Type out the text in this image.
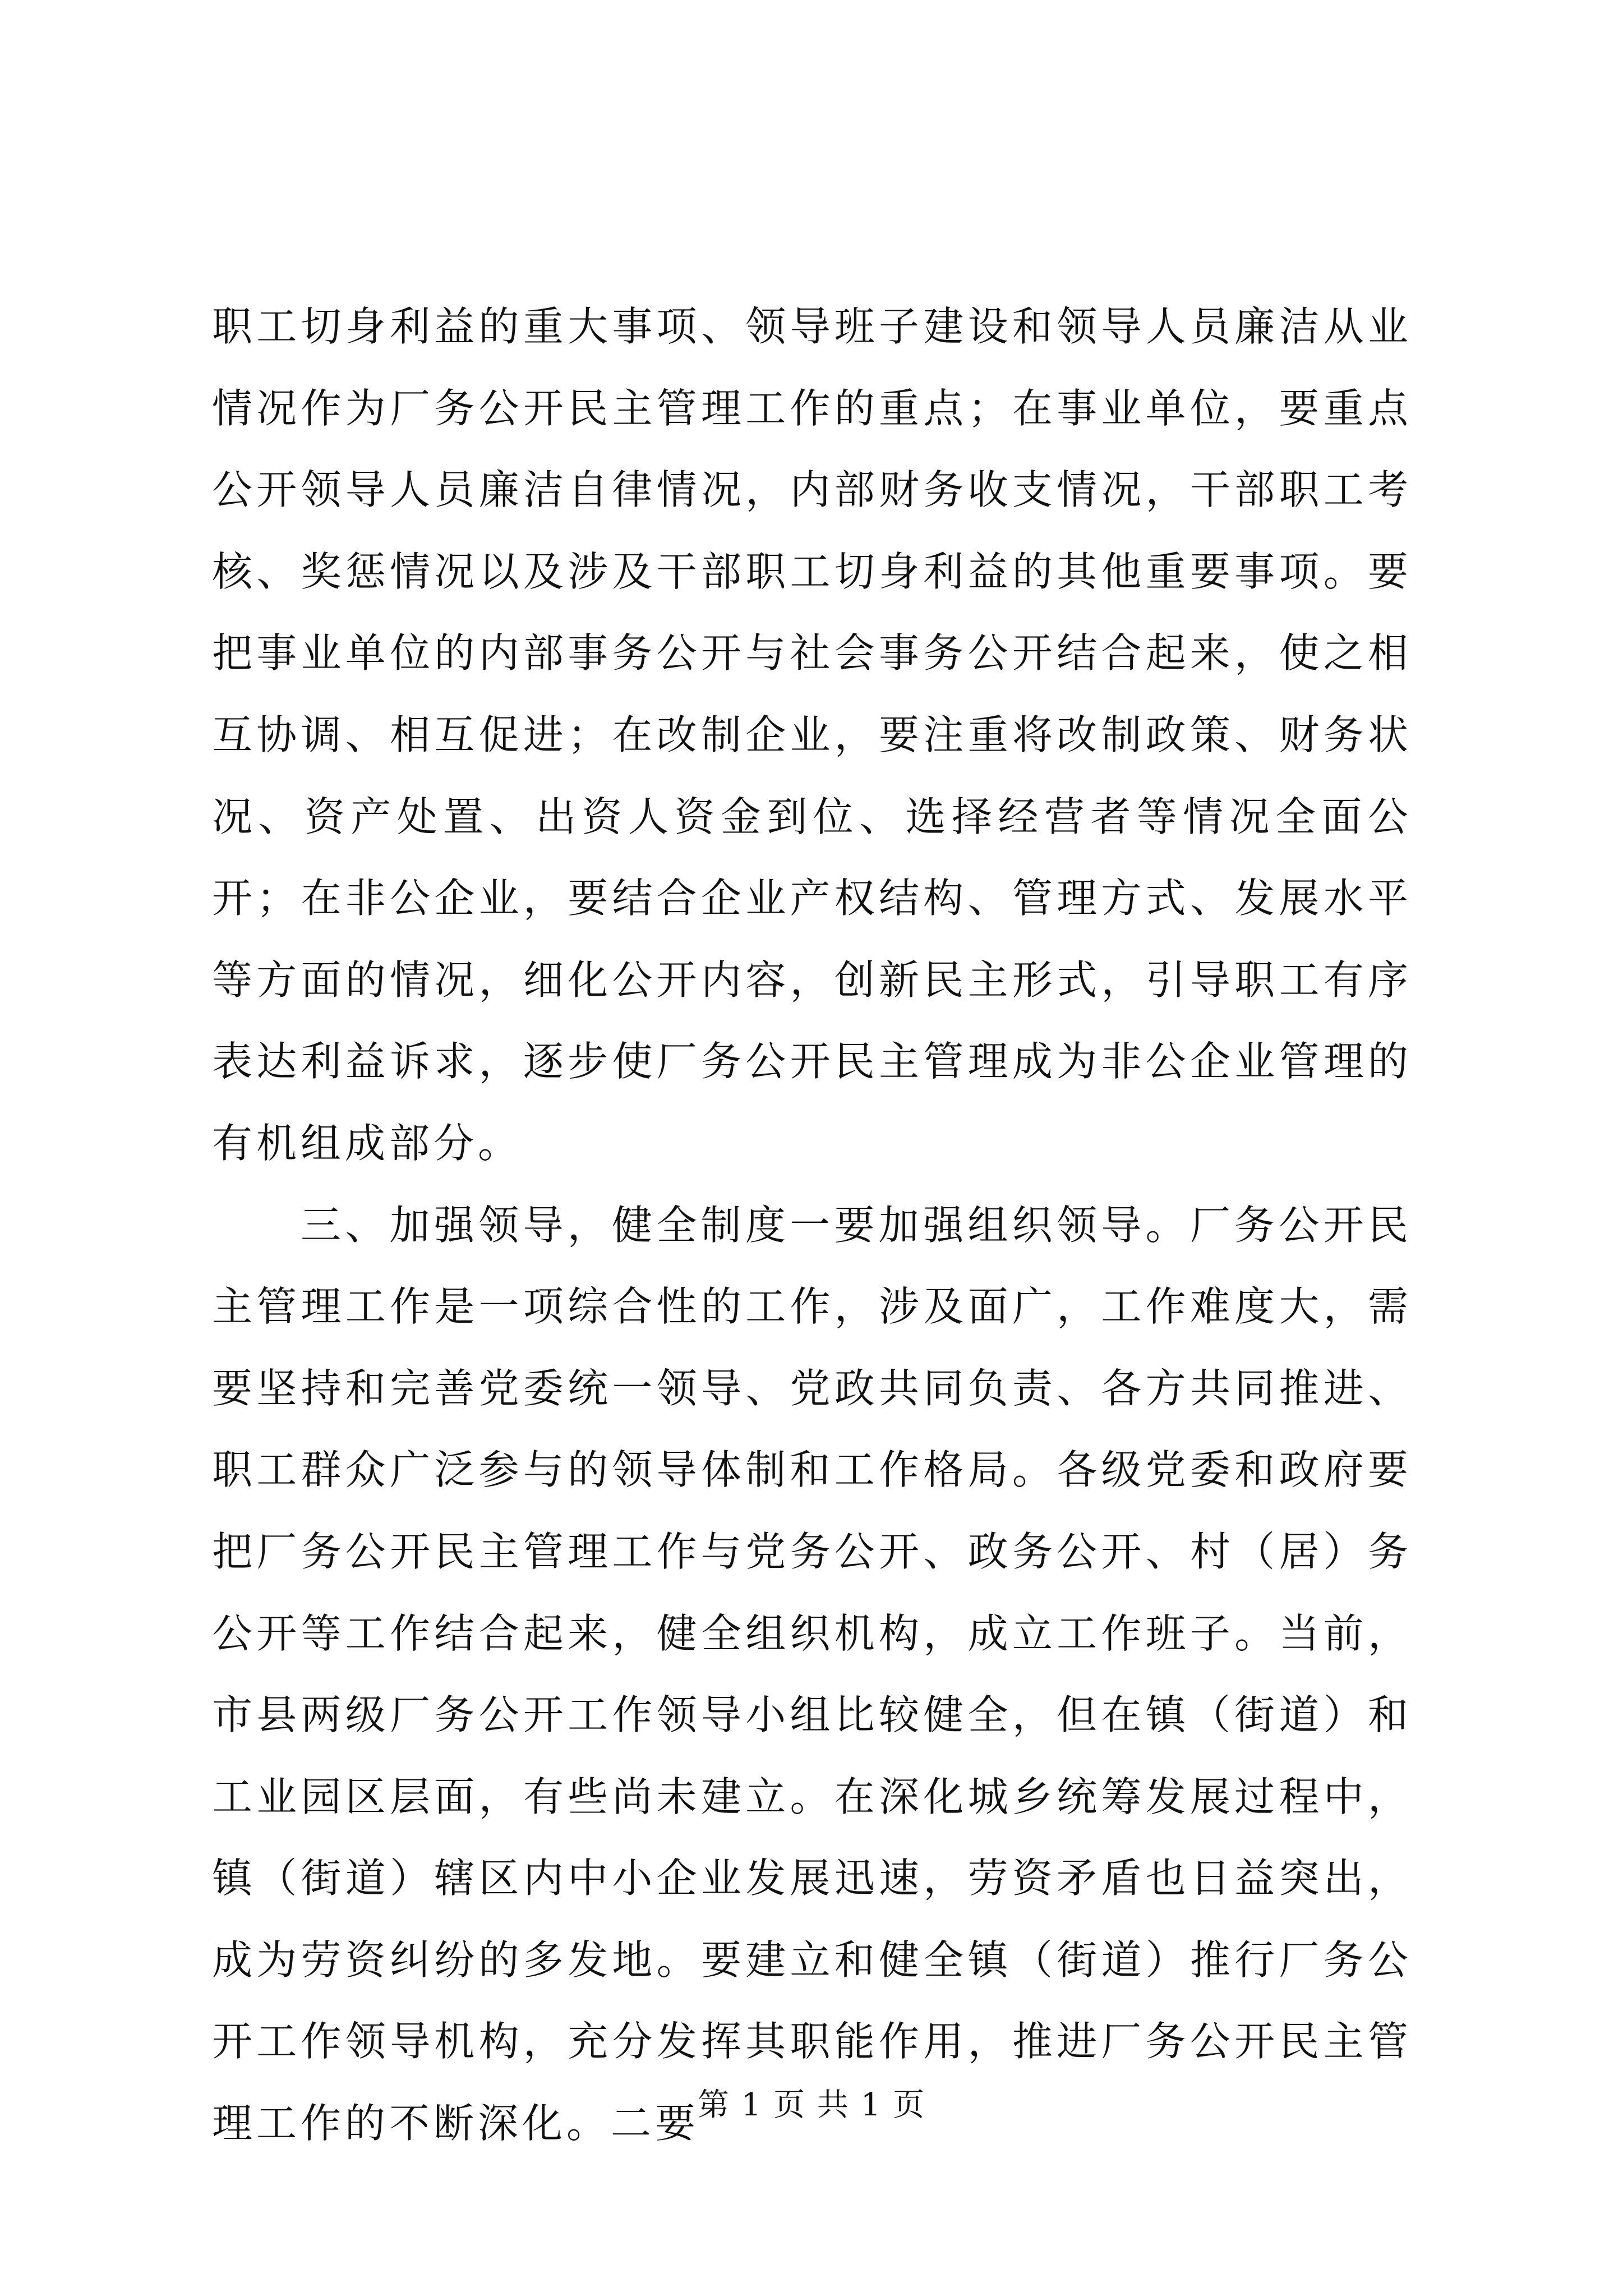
职工切身利益的重大事项、领导班子建设和领导人员廉洁从业情况作为厂务公开民主管理工作的重点；在事业单位，要重点公开领导人员廉洁自律情况，内部财务收支情况，干部职工考核、奖惩情况以及涉及干部职工切身利益的其他重要事项。要把事业单位的内部事务公开与社会事务公开结合起来，使之相互协调、相互促进；在改制企业，要注重将改制政策、财务状况、资产处置、出资人资金到位、选择经营者等情况全面公开；在非公企业，要结合企业产权结构、管理方式、发展水平等方面的情况，细化公开内容，创新民主形式，引导职工有序表达利益诉求，逐步使厂务公开民主管理成为非公企业管理的有机组成部分。

三、加强领导，健全制度一要加强组织领导。厂务公开民主管理工作是一项综合性的工作，涉及面广，工作难度大，需要坚持和完善党委统一领导、党政共同负责、各方共同推进、职工群众广泛参与的领导体制和工作格局。各级党委和政府要把厂务公开民主管理工作与党务公开、政务公开、村（居）务公开等工作结合起来，健全组织机构，成立工作班子。当前，市县两级厂务公开工作领导小组比较健全，但在镇（街道）和工业园区层面，有些尚未建立。在深化城乡统筹发展过程中，镇（街道）辖区内中小企业发展迅速，劳资矛盾也日益突出，成为劳资纠纷的多发地。要建立和健全镇（街道）推行厂务公开工作领导机构，充分发挥其职能作用，推进厂务公开民主管理工作的不断深化。二要

第 1 页 共 1 页
